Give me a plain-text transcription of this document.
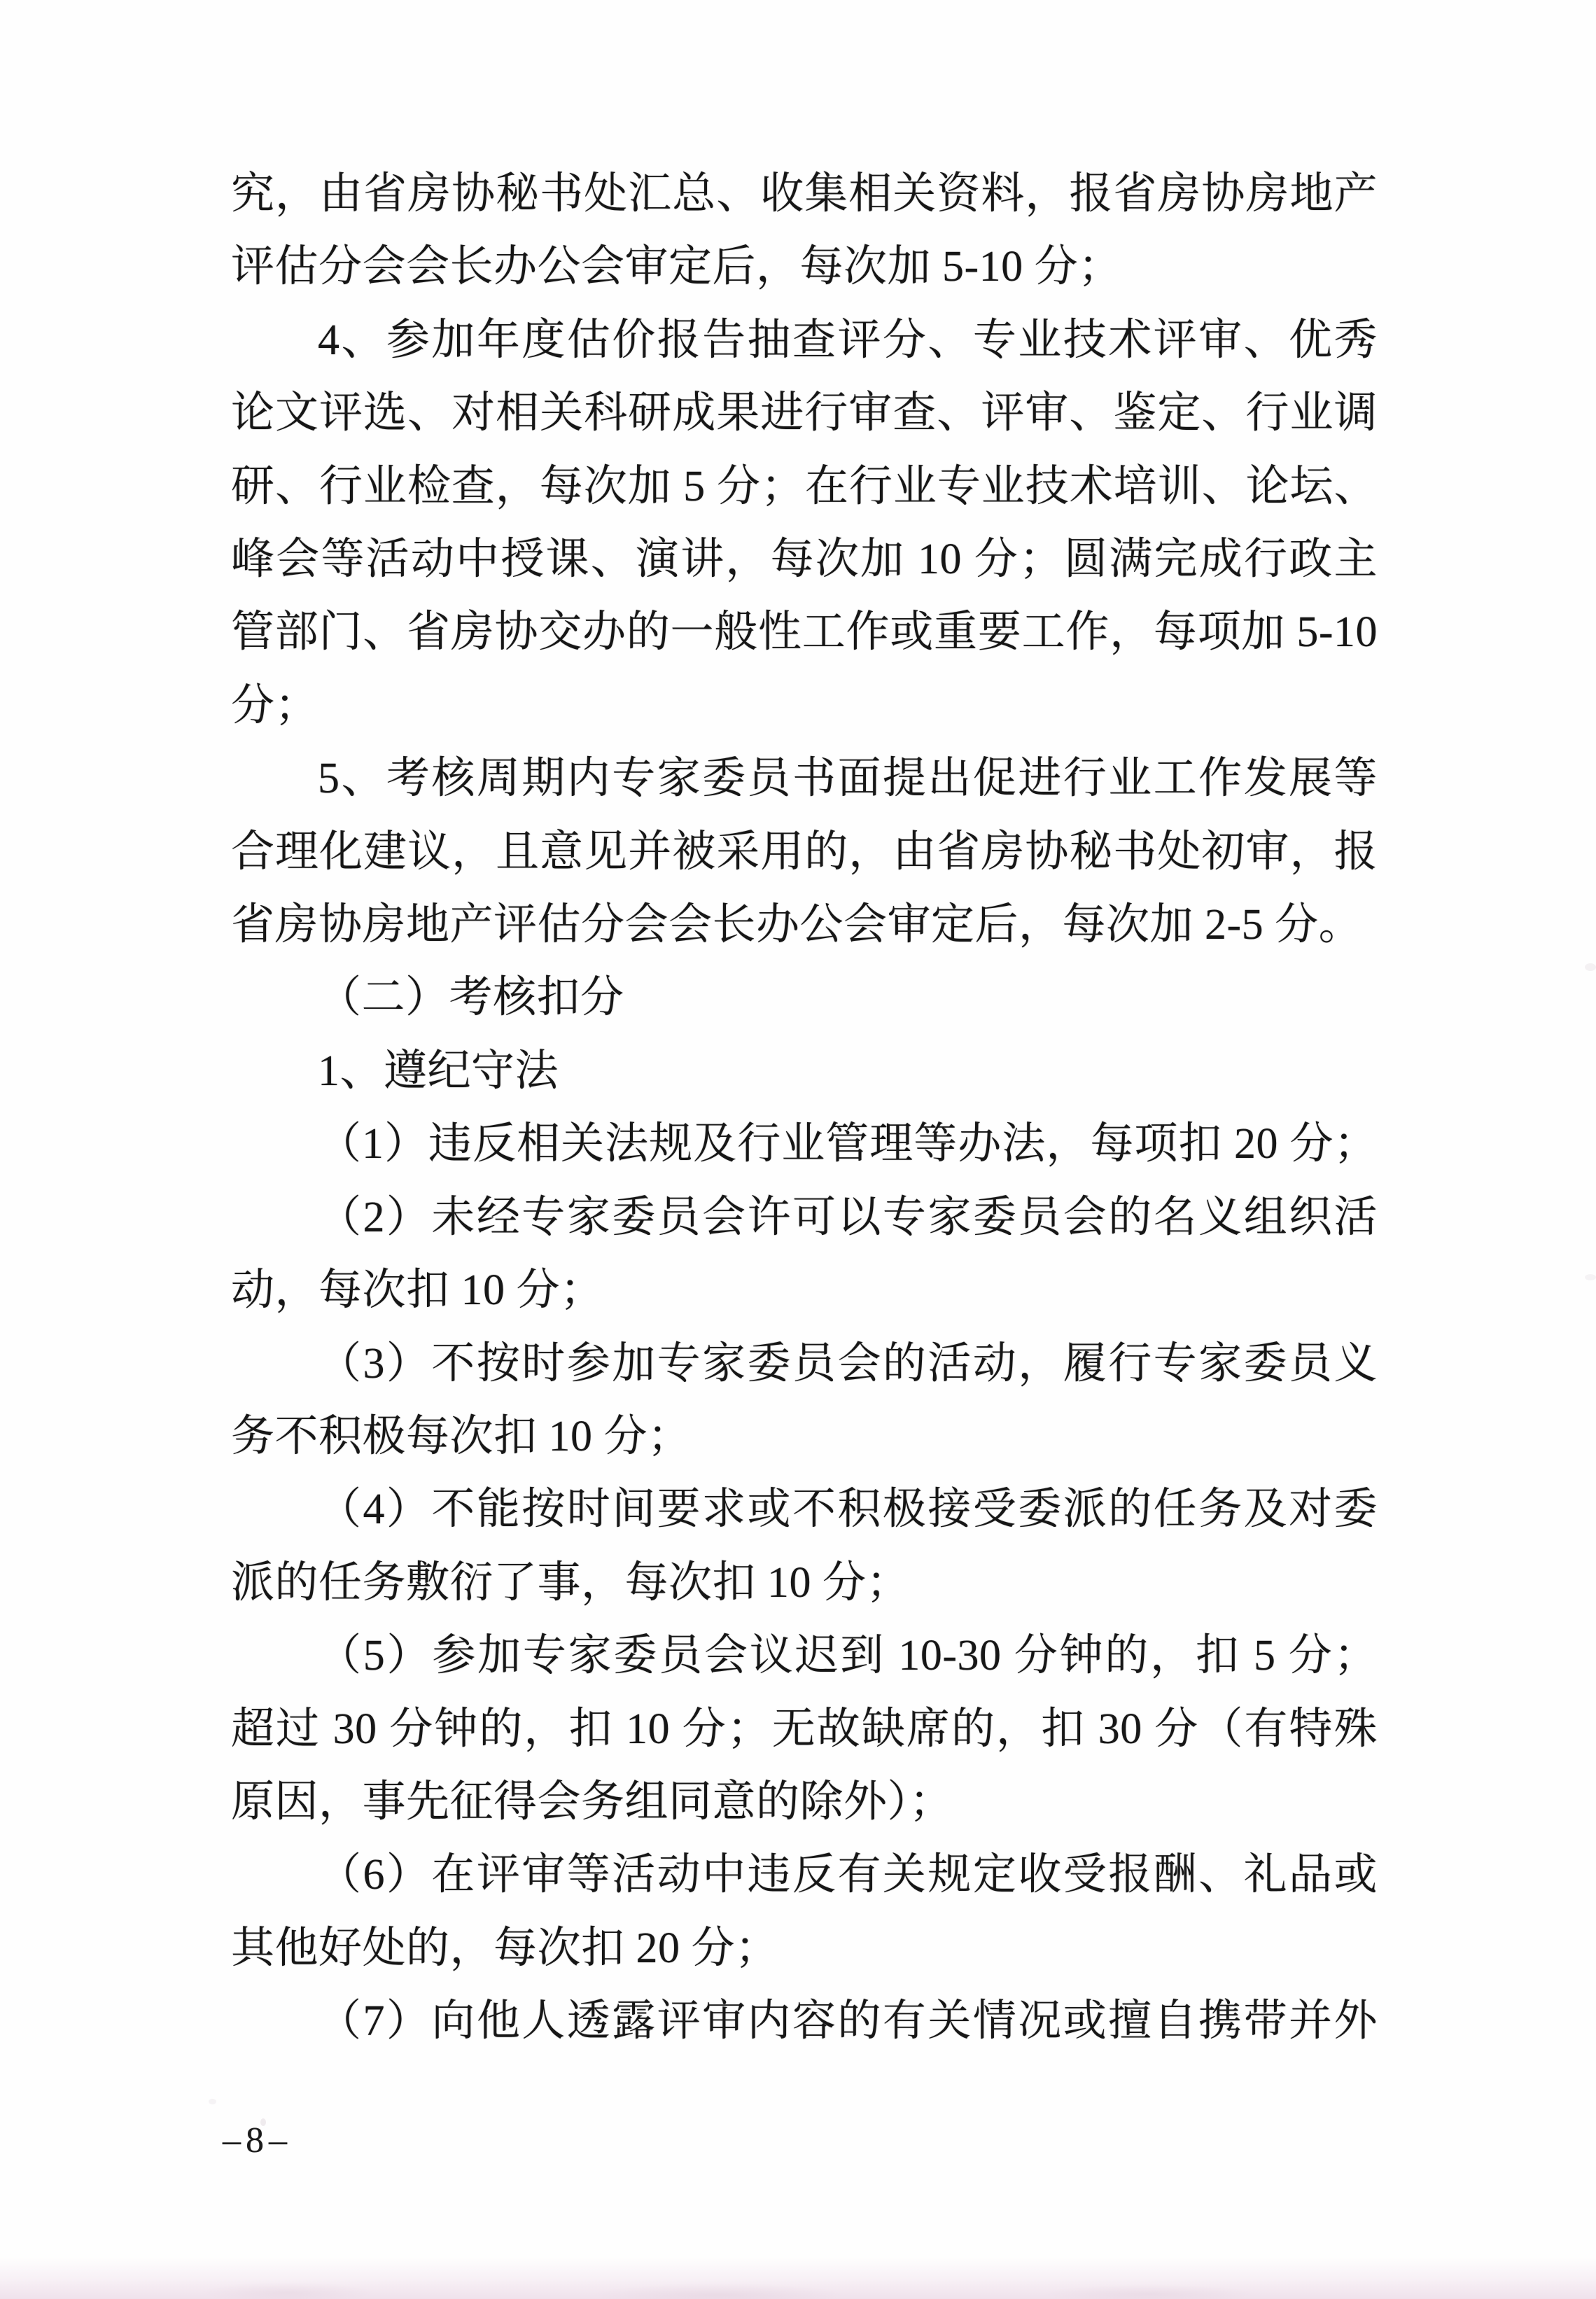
究，由省房协秘书处汇总、收集相关资料，报省房协房地产
评估分会会长办公会审定后，每次加 5-10 分；
4、参加年度估价报告抽查评分、专业技术评审、优秀
论文评选、对相关科研成果进行审查、评审、鉴定、行业调
研、行业检查，每次加 5 分；在行业专业技术培训、论坛、
峰会等活动中授课、演讲，每次加 10 分；圆满完成行政主
管部门、省房协交办的一般性工作或重要工作，每项加 5-10
分；
5、考核周期内专家委员书面提出促进行业工作发展等
合理化建议，且意见并被采用的，由省房协秘书处初审，报
省房协房地产评估分会会长办公会审定后，每次加 2-5 分。
（二）考核扣分
1、遵纪守法
（1）违反相关法规及行业管理等办法，每项扣 20 分；
（2）未经专家委员会许可以专家委员会的名义组织活
动，每次扣 10 分；
（3）不按时参加专家委员会的活动，履行专家委员义
务不积极每次扣 10 分；
（4）不能按时间要求或不积极接受委派的任务及对委
派的任务敷衍了事，每次扣 10 分；
（5）参加专家委员会议迟到 10-30 分钟的，扣 5 分；
超过 30 分钟的，扣 10 分；无故缺席的，扣 30 分（有特殊
原因，事先征得会务组同意的除外）；
（6）在评审等活动中违反有关规定收受报酬、礼品或
其他好处的，每次扣 20 分；
（7）向他人透露评审内容的有关情况或擅自携带并外
–8–
